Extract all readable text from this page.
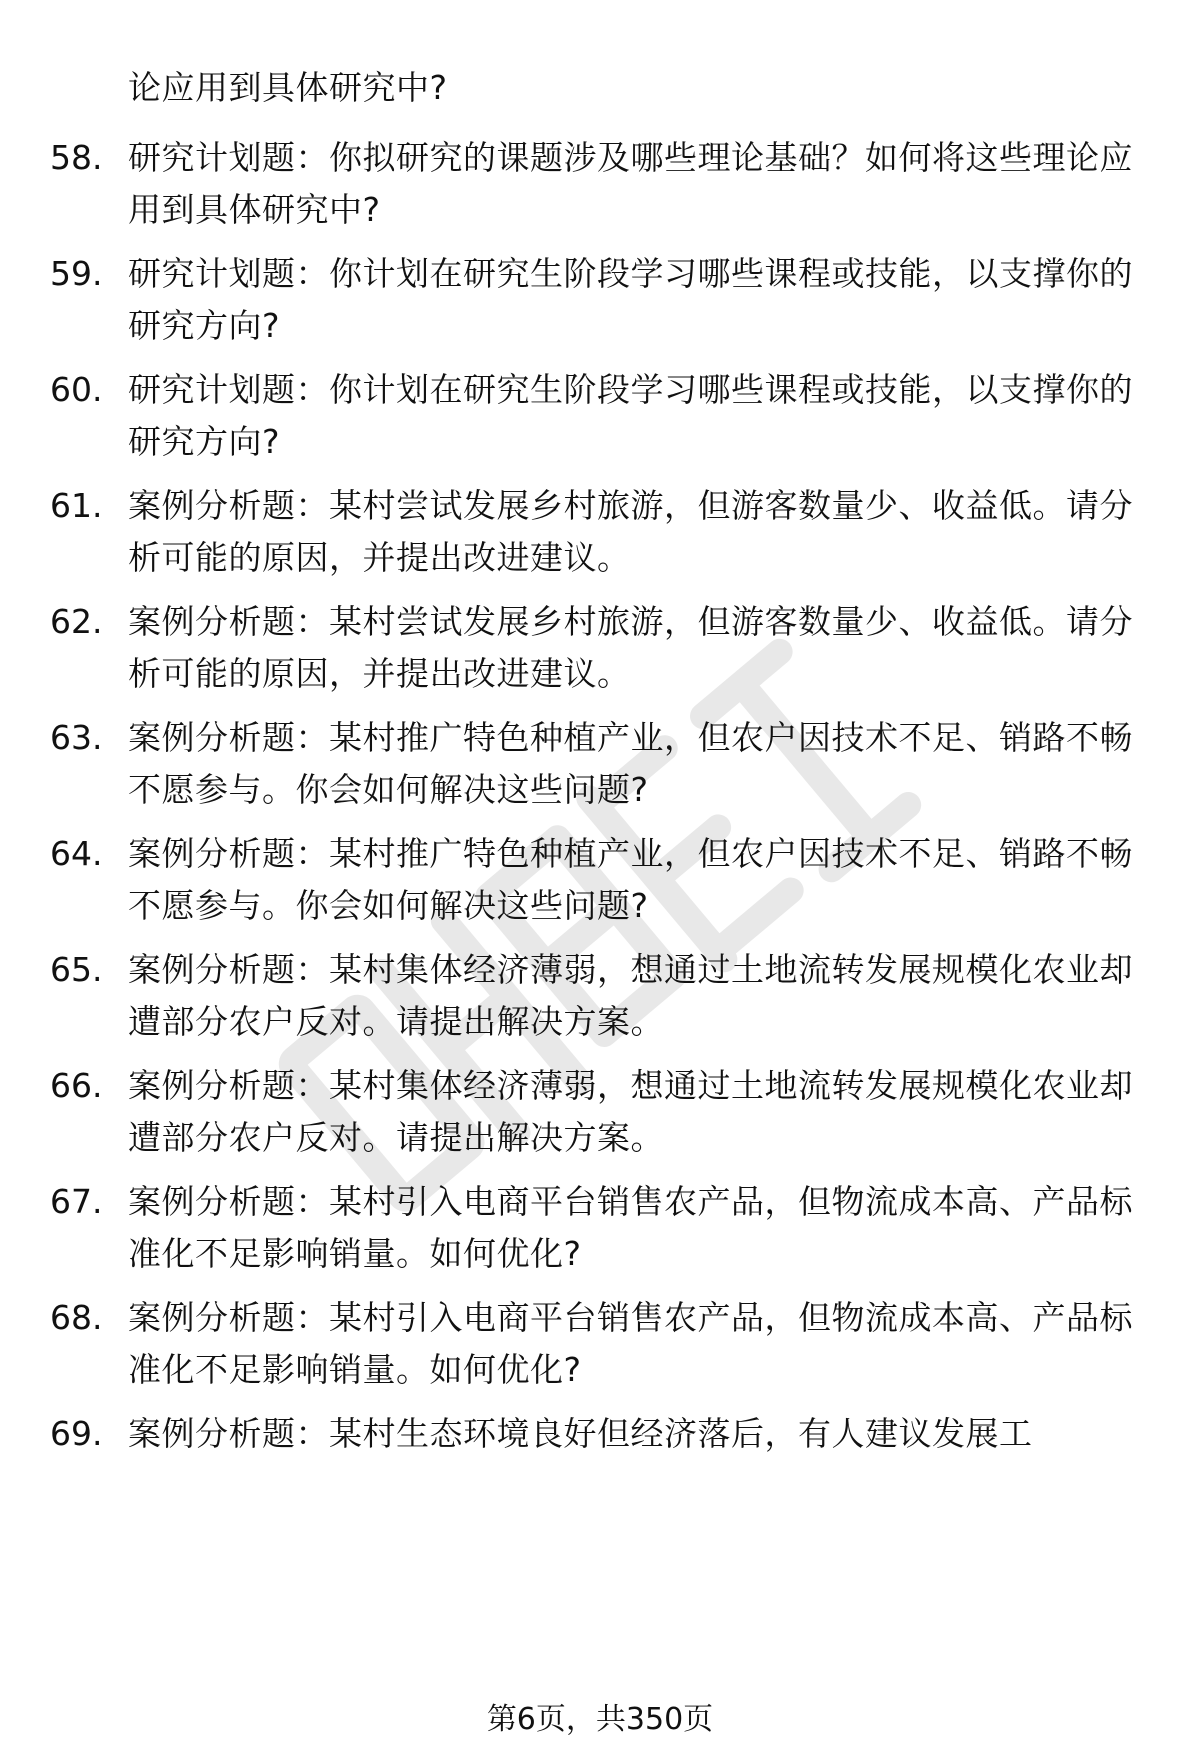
论应用到具体研究中?
58. 研究计划题：你拟研究的课题涉及哪些理论基础？如何将这些理论应用到具体研究中?
59. 研究计划题：你计划在研究生阶段学习哪些课程或技能，以支撑你的研究方向?
60. 研究计划题：你计划在研究生阶段学习哪些课程或技能，以支撑你的研究方向?
61. 案例分析题：某村尝试发展乡村旅游，但游客数量少、收益低。请分析可能的原因，并提出改进建议。
62. 案例分析题：某村尝试发展乡村旅游，但游客数量少、收益低。请分析可能的原因，并提出改进建议。
63. 案例分析题：某村推广特色种植产业，但农户因技术不足、销路不畅不愿参与。你会如何解决这些问题?
64. 案例分析题：某村推广特色种植产业，但农户因技术不足、销路不畅不愿参与。你会如何解决这些问题?
65. 案例分析题：某村集体经济薄弱，想通过土地流转发展规模化农业却遭部分农户反对。请提出解决方案。
66. 案例分析题：某村集体经济薄弱，想通过土地流转发展规模化农业却遭部分农户反对。请提出解决方案。
67. 案例分析题：某村引入电商平台销售农产品，但物流成本高、产品标准化不足影响销量。如何优化?
68. 案例分析题：某村引入电商平台销售农产品，但物流成本高、产品标准化不足影响销量。如何优化?
69. 案例分析题：某村生态环境良好但经济落后，有人建议发展工
第6页，共350页
